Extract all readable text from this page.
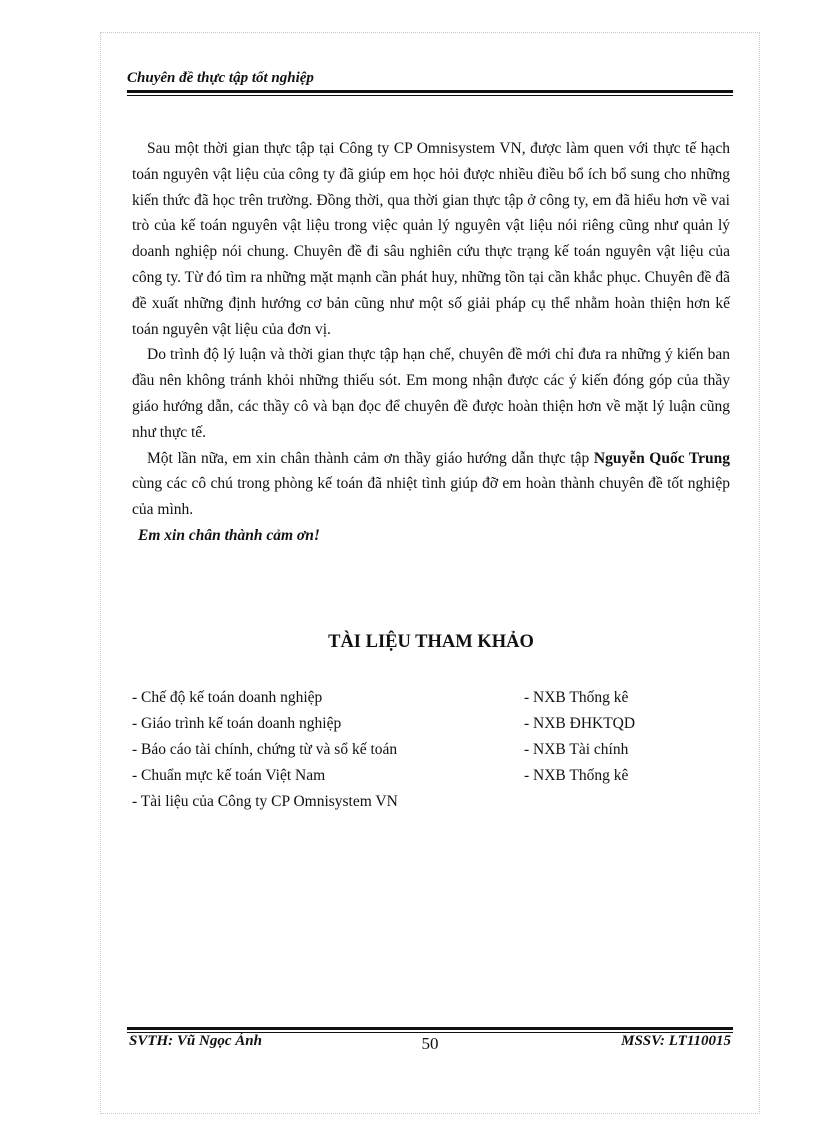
Chuyên đề thực tập tốt nghiệp

Sau một thời gian thực tập tại Công ty CP Omnisystem VN, được làm quen với thực tế hạch toán nguyên vật liệu của công ty đã giúp em học hỏi được nhiều điều bổ ích bổ sung cho những kiến thức đã học trên trường. Đồng thời, qua thời gian thực tập ở công ty, em đã hiểu hơn về vai trò của kế toán nguyên vật liệu trong việc quản lý nguyên vật liệu nói riêng cũng như quản lý doanh nghiệp nói chung. Chuyên đề đi sâu nghiên cứu thực trạng kế toán nguyên vật liệu của công ty. Từ đó tìm ra những mặt mạnh cần phát huy, những tồn tại cần khắc phục. Chuyên đề đã đề xuất những định hướng cơ bản cũng như một số giải pháp cụ thể nhằm hoàn thiện hơn kế toán nguyên vật liệu của đơn vị.

Do trình độ lý luận và thời gian thực tập hạn chế, chuyên đề mới chỉ đưa ra những ý kiến ban đầu nên không tránh khỏi những thiếu sót. Em mong nhận được các ý kiến đóng góp của thầy giáo hướng dẫn, các thầy cô và bạn đọc để chuyên đề được hoàn thiện hơn về mặt lý luận cũng như thực tế.

Một lần nữa, em xin chân thành cảm ơn thầy giáo hướng dẫn thực tập Nguyễn Quốc Trung cùng các cô chú trong phòng kế toán đã nhiệt tình giúp đỡ em hoàn thành chuyên đề tốt nghiệp của mình.

Em xin chân thành cảm ơn!

TÀI LIỆU THAM KHẢO
- Chế độ kế toán doanh nghiệp	- NXB Thống kê
- Giáo trình kế toán doanh nghiệp	- NXB ĐHKTQD
- Báo cáo tài chính, chứng từ và sổ kế toán	- NXB Tài chính
- Chuẩn mực kế toán Việt Nam	- NXB Thống kê
- Tài liệu của Công ty CP Omnisystem VN
SVTH: Vũ Ngọc Ánh	50	MSSV: LT110015
